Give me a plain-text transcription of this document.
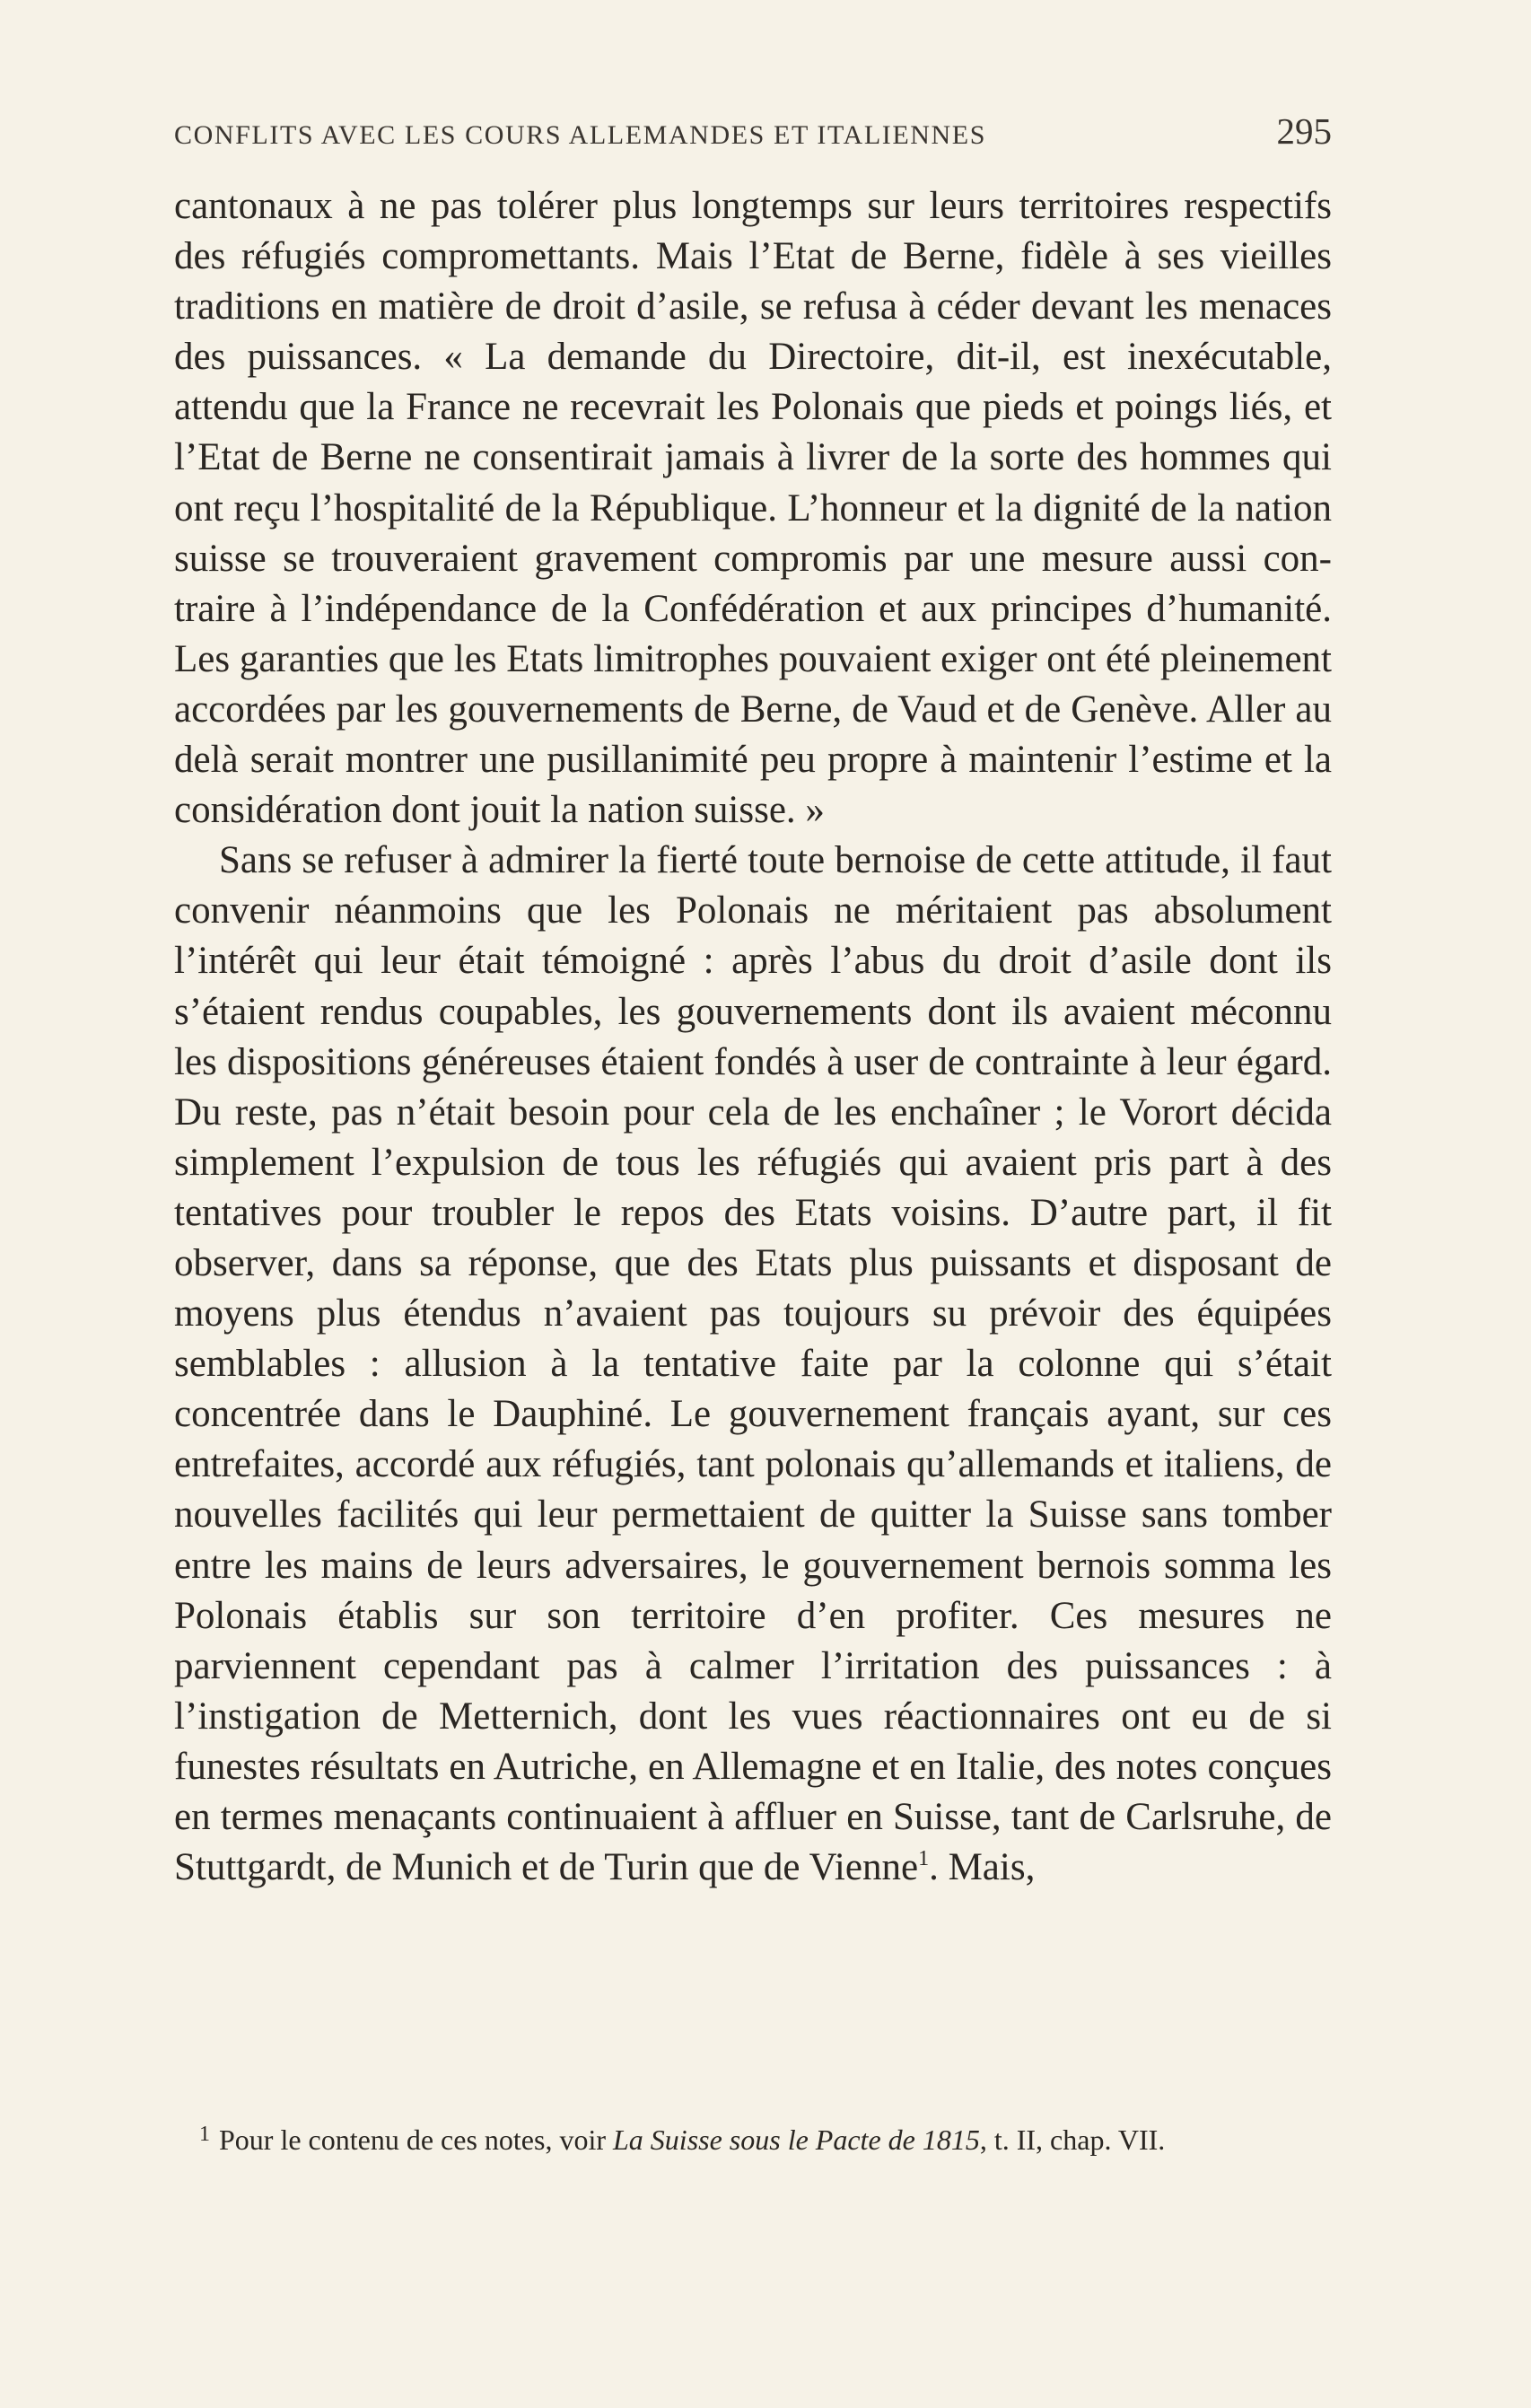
CONFLITS AVEC LES COURS ALLEMANDES ET ITALIENNES	295

cantonaux à ne pas tolérer plus longtemps sur leurs territoires respectifs des réfugiés compromettants. Mais l’Etat de Berne, fidèle à ses vieilles traditions en matière de droit d’asile, se refusa à céder devant les menaces des puissances. « La demande du Directoire, dit-il, est inexécutable, attendu que la France ne recevrait les Polonais que pieds et poings liés, et l’Etat de Berne ne consentirait jamais à livrer de la sorte des hommes qui ont reçu l’hospitalité de la République. L’honneur et la dignité de la nation suisse se trouveraient gravement compromis par une mesure aussi contraire à l’indépendance de la Confédération et aux principes d’humanité. Les garanties que les Etats limitrophes pouvaient exiger ont été pleinement accordées par les gouvernements de Berne, de Vaud et de Genève. Aller au delà serait montrer une pusillanimité peu propre à maintenir l’estime et la considération dont jouit la nation suisse. »

Sans se refuser à admirer la fierté toute bernoise de cette attitude, il faut convenir néanmoins que les Polonais ne méritaient pas absolument l’intérêt qui leur était témoigné : après l’abus du droit d’asile dont ils s’étaient rendus coupables, les gouvernements dont ils avaient méconnu les dispositions généreuses étaient fondés à user de contrainte à leur égard. Du reste, pas n’était besoin pour cela de les enchaîner ; le Vorort décida simplement l’expulsion de tous les réfugiés qui avaient pris part à des tentatives pour troubler le repos des Etats voisins. D’autre part, il fit observer, dans sa réponse, que des Etats plus puissants et disposant de moyens plus étendus n’avaient pas toujours su prévoir des équipées semblables : allusion à la tentative faite par la colonne qui s’était concentrée dans le Dauphiné. Le gouvernement français ayant, sur ces entrefaites, accordé aux réfugiés, tant polonais qu’allemands et italiens, de nouvelles facilités qui leur permettaient de quitter la Suisse sans tomber entre les mains de leurs adversaires, le gouvernement bernois somma les Polonais établis sur son territoire d’en profiter. Ces mesures ne parviennent cependant pas à calmer l’irritation des puissances : à l’instigation de Metternich, dont les vues réactionnaires ont eu de si funestes résultats en Autriche, en Allemagne et en Italie, des notes conçues en termes menaçants continuaient à affluer en Suisse, tant de Carlsruhe, de Stuttgardt, de Munich et de Turin que de Vienne$^1$. Mais,

1 Pour le contenu de ces notes, voir La Suisse sous le Pacte de 1815, t. II, chap. VII.
